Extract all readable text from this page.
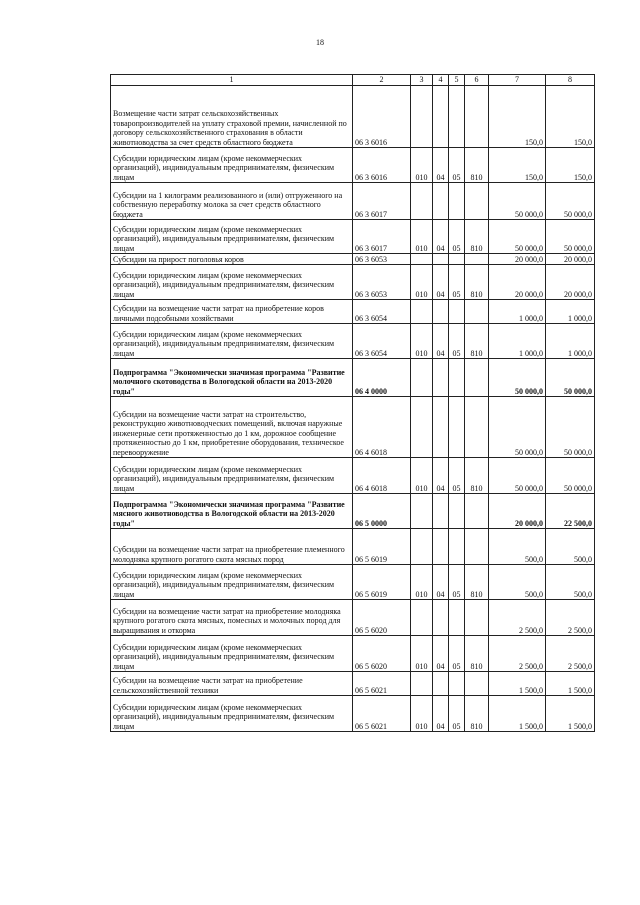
18
1	2	3	4	5	6	7	8
Возмещение части затрат сельскохозяйственных товаропроизводителей на уплату страховой премии, начисленной по договору сельскохозяйственного страхования в области животноводства за счет средств областного бюджета	06 3 6016					150,0	150,0
Субсидии юридическим лицам (кроме некоммерческих организаций), индивидуальным предпринимателям, физическим лицам	06 3 6016	010	04	05	810	150,0	150,0
Субсидии на 1 килограмм реализованного и (или) отгруженного на собственную переработку молока за счет средств областного бюджета	06 3 6017					50 000,0	50 000,0
Субсидии юридическим лицам (кроме некоммерческих организаций), индивидуальным предпринимателям, физическим лицам	06 3 6017	010	04	05	810	50 000,0	50 000,0
Субсидии на прирост поголовья коров	06 3 6053					20 000,0	20 000,0
Субсидии юридическим лицам (кроме некоммерческих организаций), индивидуальным предпринимателям, физическим лицам	06 3 6053	010	04	05	810	20 000,0	20 000,0
Субсидии на возмещение части затрат на приобретение коров личными подсобными хозяйствами	06 3 6054					1 000,0	1 000,0
Субсидии юридическим лицам (кроме некоммерческих организаций), индивидуальным предпринимателям, физическим лицам	06 3 6054	010	04	05	810	1 000,0	1 000,0
Подпрограмма "Экономически значимая программа "Развитие молочного скотоводства в Вологодской области на 2013-2020 годы"	06 4 0000					50 000,0	50 000,0
Субсидии на возмещение части затрат на строительство, реконструкцию животноводческих помещений, включая наружные инженерные сети протяженностью до 1 км, дорожное сообщение протяженностью до 1 км, приобретение оборудования, техническое перевооружение	06 4 6018					50 000,0	50 000,0
Субсидии юридическим лицам (кроме некоммерческих организаций), индивидуальным предпринимателям, физическим лицам	06 4 6018	010	04	05	810	50 000,0	50 000,0
Подпрограмма "Экономически значимая программа "Развитие мясного животноводства в Вологодской области на 2013-2020 годы"	06 5 0000					20 000,0	22 500,0
Субсидии на возмещение части затрат на приобретение племенного молодняка крупного рогатого скота мясных пород	06 5 6019					500,0	500,0
Субсидии юридическим лицам (кроме некоммерческих организаций), индивидуальным предпринимателям, физическим лицам	06 5 6019	010	04	05	810	500,0	500,0
Субсидии на возмещение части затрат на приобретение молодняка крупного рогатого скота мясных, помесных и молочных пород для выращивания и откорма	06 5 6020					2 500,0	2 500,0
Субсидии юридическим лицам (кроме некоммерческих организаций), индивидуальным предпринимателям, физическим лицам	06 5 6020	010	04	05	810	2 500,0	2 500,0
Субсидии на возмещение части затрат на приобретение сельскохозяйственной техники	06 5 6021					1 500,0	1 500,0
Субсидии юридическим лицам (кроме некоммерческих организаций), индивидуальным предпринимателям, физическим лицам	06 5 6021	010	04	05	810	1 500,0	1 500,0
